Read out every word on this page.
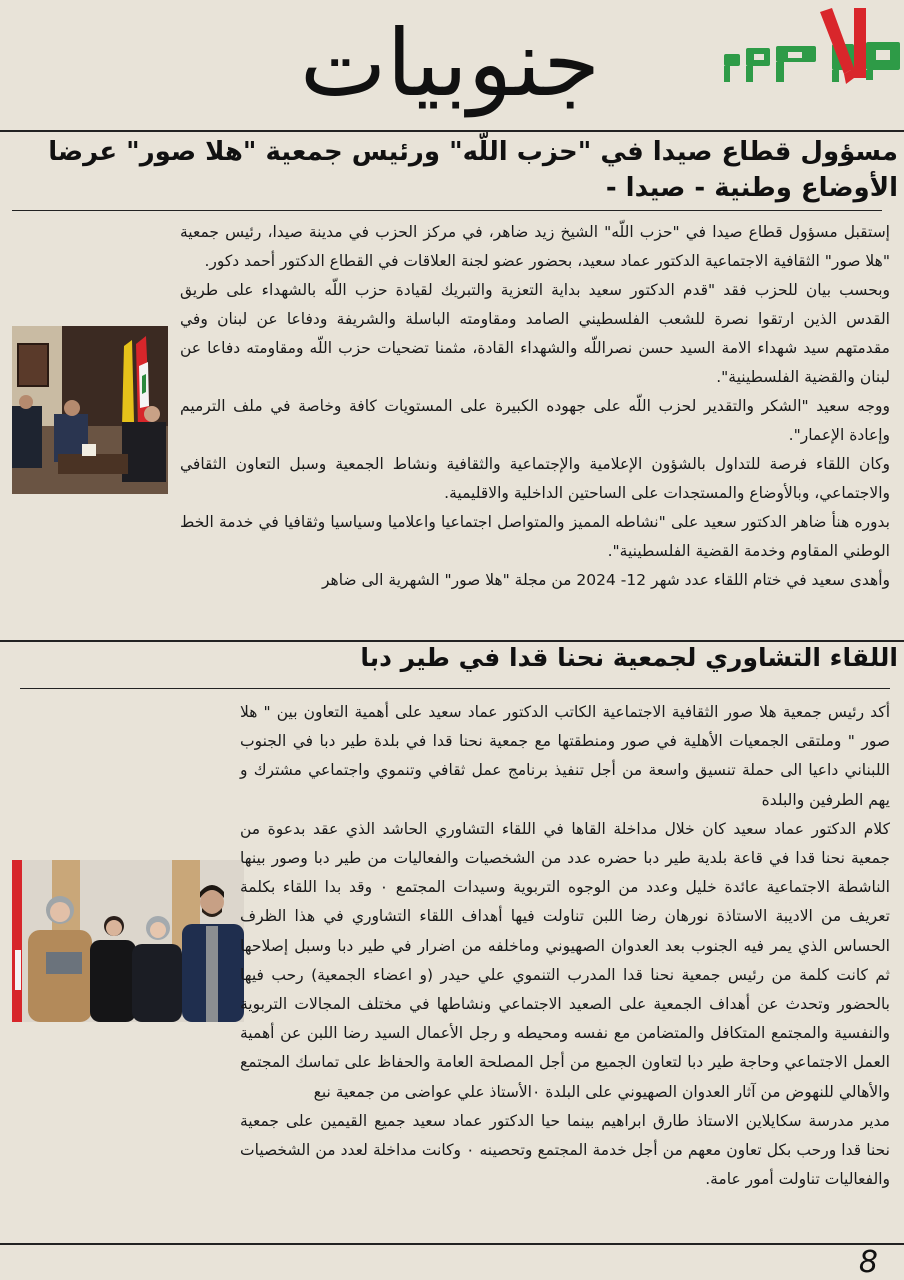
جنوبيات
مسؤول قطاع صيدا في "حزب اللّه" ورئيس جمعية "هلا صور" عرضا الأوضاع وطنية - صيدا -

إستقبل مسؤول قطاع صيدا في "حزب اللّه" الشيخ زيد ضاهر، في مركز الحزب في مدينة صيدا، رئيس جمعية "هلا صور" الثقافية الاجتماعية الدكتور عماد سعيد، بحضور عضو لجنة العلاقات في القطاع الدكتور أحمد دكور.

وبحسب بيان للحزب فقد "قدم الدكتور سعيد بداية التعزية والتبريك لقيادة حزب اللّه بالشهداء على طريق القدس الذين ارتقوا نصرة للشعب الفلسطيني الصامد ومقاومته الباسلة والشريفة ودفاعا عن لبنان وفي مقدمتهم سيد شهداء الامة السيد حسن نصراللّه والشهداء القادة، مثمنا تضحيات حزب اللّه ومقاومته دفاعا عن لبنان والقضية الفلسطينية".

ووجه سعيد "الشكر والتقدير لحزب اللّه على جهوده الكبيرة على المستويات كافة وخاصة في ملف الترميم وإعادة الإعمار".

وكان اللقاء فرصة للتداول بالشؤون الإعلامية والإجتماعية والثقافية ونشاط الجمعية وسبل التعاون الثقافي والاجتماعي، وبالأوضاع والمستجدات على الساحتين الداخلية والاقليمية.

بدوره هنأ ضاهر الدكتور سعيد على "نشاطه المميز والمتواصل اجتماعيا واعلاميا وسياسيا وثقافيا في خدمة الخط الوطني المقاوم وخدمة القضية الفلسطينية".

وأهدى سعيد في ختام اللقاء عدد شهر 12- 2024 من مجلة "هلا صور" الشهرية الى ضاهر

اللقاء التشاوري لجمعية نحنا قدا في طير دبا

أكد رئيس جمعية هلا صور الثقافية الاجتماعية الكاتب الدكتور عماد سعيد على أهمية التعاون بين " هلا صور " وملتقى الجمعيات الأهلية في صور ومنطقتها مع جمعية نحنا قدا في بلدة طير دبا في الجنوب اللبناني داعيا الى حملة تنسيق واسعة من أجل تنفيذ برنامج عمل ثقافي وتنموي واجتماعي مشترك و يهم الطرفين والبلدة

كلام الدكتور عماد سعيد كان خلال مداخلة القاها في اللقاء التشاوري الحاشد الذي عقد بدعوة من جمعية نحنا قدا في قاعة بلدية طير دبا حضره عدد من الشخصيات والفعاليات من طير دبا وصور بينها الناشطة الاجتماعية عائدة خليل وعدد من الوجوه التربوية وسيدات المجتمع ٠ وقد بدا اللقاء بكلمة تعريف من الاديبة الاستاذة نورهان رضا اللبن تناولت فيها أهداف اللقاء التشاوري في هذا الظرف الحساس الذي يمر فيه الجنوب بعد العدوان الصهيوني وماخلفه من اضرار في طير دبا وسبل إصلاحها ثم كانت كلمة من رئيس جمعية نحنا قدا المدرب التنموي علي حيدر (و اعضاء الجمعية) رحب فيها بالحضور وتحدث عن أهداف الجمعية على الصعيد الاجتماعي ونشاطها في مختلف المجالات التربوية والنفسية والمجتمع المتكافل والمتضامن مع نفسه ومحيطه و رجل الأعمال السيد رضا اللبن عن أهمية العمل الاجتماعي وحاجة طير دبا لتعاون الجميع من أجل المصلحة العامة والحفاظ على تماسك المجتمع والأهالي للنهوض من آثار العدوان الصهيوني على البلدة ٠الأستاذ علي عواضى من جمعية نبع

مدير مدرسة سكايلاين الاستاذ طارق ابراهيم بينما حيا الدكتور عماد سعيد جميع القيمين على جمعية نحنا قدا ورحب بكل تعاون معهم من أجل خدمة المجتمع وتحصينه ٠ وكانت مداخلة لعدد من الشخصيات والفعاليات تناولت أمور عامة.

8
